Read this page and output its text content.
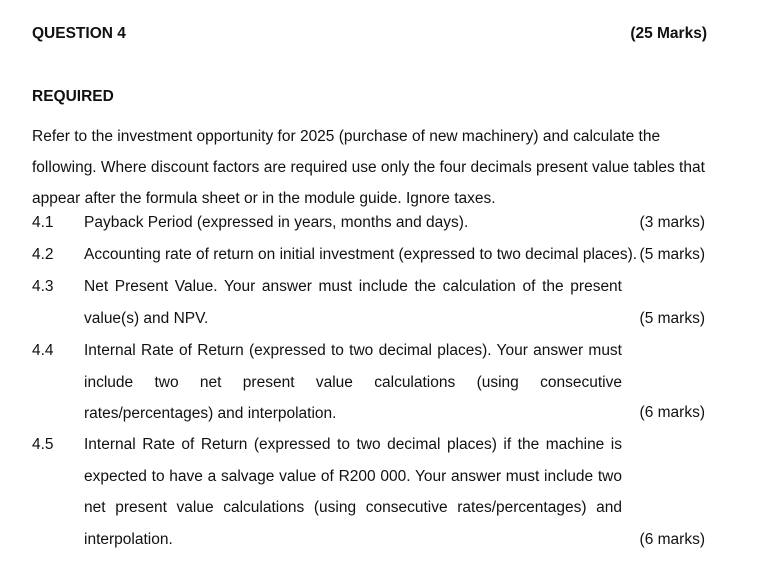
QUESTION 4	(25 Marks)
REQUIRED
Refer to the investment opportunity for 2025 (purchase of new machinery) and calculate the following. Where discount factors are required use only the four decimals present value tables that appear after the formula sheet or in the module guide. Ignore taxes.
4.1 Payback Period (expressed in years, months and days).	(3 marks)
4.2 Accounting rate of return on initial investment (expressed to two decimal places). (5 marks)
4.3 Net Present Value. Your answer must include the calculation of the present value(s) and NPV.	(5 marks)
4.4 Internal Rate of Return (expressed to two decimal places). Your answer must include two net present value calculations (using consecutive rates/percentages) and interpolation.	(6 marks)
4.5 Internal Rate of Return (expressed to two decimal places) if the machine is expected to have a salvage value of R200 000. Your answer must include two net present value calculations (using consecutive rates/percentages) and interpolation.	(6 marks)
